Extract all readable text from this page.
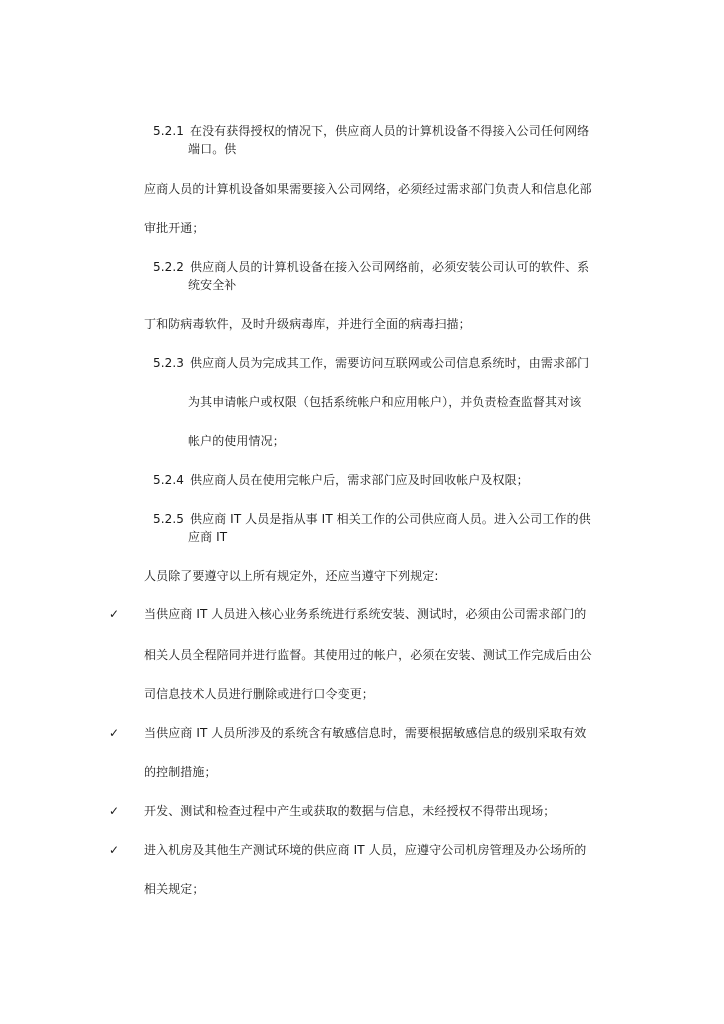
5.2.1 在没有获得授权的情况下，供应商人员的计算机设备不得接入公司任何网络
端口。供
应商人员的计算机设备如果需要接入公司网络，必须经过需求部门负责人和信息化部
审批开通；
5.2.2 供应商人员的计算机设备在接入公司网络前，必须安装公司认可的软件、系
统安全补
丁和防病毒软件，及时升级病毒库，并进行全面的病毒扫描；
5.2.3 供应商人员为完成其工作，需要访问互联网或公司信息系统时，由需求部门
为其申请帐户或权限（包括系统帐户和应用帐户），并负责检查监督其对该
帐户的使用情况；
5.2.4 供应商人员在使用完帐户后，需求部门应及时回收帐户及权限；
5.2.5 供应商 IT 人员是指从事 IT 相关工作的公司供应商人员。进入公司工作的供
应商 IT
人员除了要遵守以上所有规定外，还应当遵守下列规定:
✓ 当供应商 IT 人员进入核心业务系统进行系统安装、测试时，必须由公司需求部门的
相关人员全程陪同并进行监督。其使用过的帐户，必须在安装、测试工作完成后由公
司信息技术人员进行删除或进行口令变更；
✓ 当供应商 IT 人员所涉及的系统含有敏感信息时，需要根据敏感信息的级别采取有效
的控制措施；
✓ 开发、测试和检查过程中产生或获取的数据与信息，未经授权不得带出现场；
✓ 进入机房及其他生产测试环境的供应商 IT 人员，应遵守公司机房管理及办公场所的
相关规定；
